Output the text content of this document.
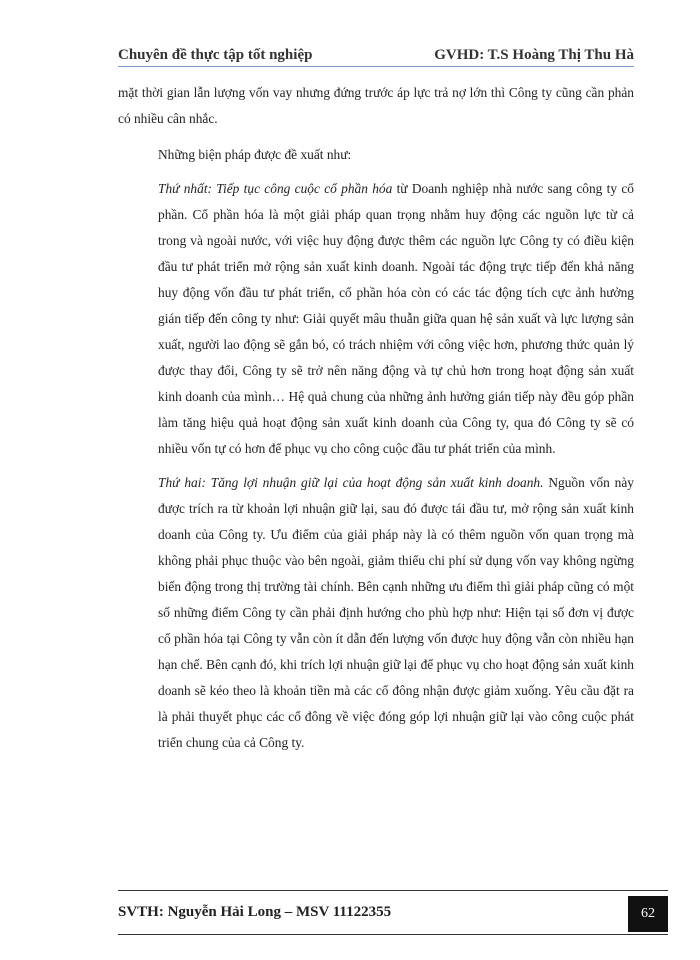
Chuyên đề thực tập tốt nghiệp	GVHD: T.S Hoàng Thị Thu Hà

mặt thời gian lẫn lượng vốn vay nhưng đứng trước áp lực trả nợ lớn thì Công ty cũng cần phản có nhiều cân nhắc.

Những biện pháp được đề xuất như:

Thứ nhất: Tiếp tục công cuộc cổ phần hóa từ Doanh nghiệp nhà nước sang công ty cổ phần. Cổ phần hóa là một giải pháp quan trọng nhằm huy động các nguồn lực từ cả trong và ngoài nước, với việc huy động được thêm các nguồn lực Công ty có điều kiện đầu tư phát triển mở rộng sản xuất kinh doanh. Ngoài tác động trực tiếp đến khả năng huy động vốn đầu tư phát triển, cổ phần hóa còn có các tác động tích cực ảnh hưởng gián tiếp đến công ty như: Giải quyết mâu thuẫn giữa quan hệ sản xuất và lực lượng sản xuất, người lao động sẽ gắn bó, có trách nhiệm với công việc hơn, phương thức quản lý được thay đổi, Công ty sẽ trở nên năng động và tự chủ hơn trong hoạt động sản xuất kinh doanh của mình… Hệ quả chung của những ảnh hưởng gián tiếp này đều góp phần làm tăng hiệu quả hoạt động sản xuất kinh doanh của Công ty, qua đó Công ty sẽ có nhiều vốn tự có hơn để phục vụ cho công cuộc đầu tư phát triển của mình.

Thứ hai: Tăng lợi nhuận giữ lại của hoạt động sản xuất kinh doanh. Nguồn vốn này được trích ra từ khoản lợi nhuận giữ lại, sau đó được tái đầu tư, mở rộng sản xuất kinh doanh của Công ty. Ưu điểm của giải pháp này là có thêm nguồn vốn quan trọng mà không phải phục thuộc vào bên ngoài, giảm thiểu chi phí sử dụng vốn vay không ngừng biến động trong thị trường tài chính. Bên cạnh những ưu điểm thì giải pháp cũng có một số những điểm Công ty cần phải định hướng cho phù hợp như: Hiện tại số đơn vị được cổ phần hóa tại Công ty vẫn còn ít dẫn đến lượng vốn được huy động vẫn còn nhiều hạn hạn chế. Bên cạnh đó, khi trích lợi nhuận giữ lại để phục vụ cho hoạt động sản xuất kinh doanh sẽ kéo theo là khoản tiền mà các cổ đông nhận được giảm xuống. Yêu cầu đặt ra là phải thuyết phục các cổ đông về việc đóng góp lợi nhuận giữ lại vào công cuộc phát triển chung của cả Công ty.

SVTH: Nguyễn Hải Long – MSV 11122355	62
